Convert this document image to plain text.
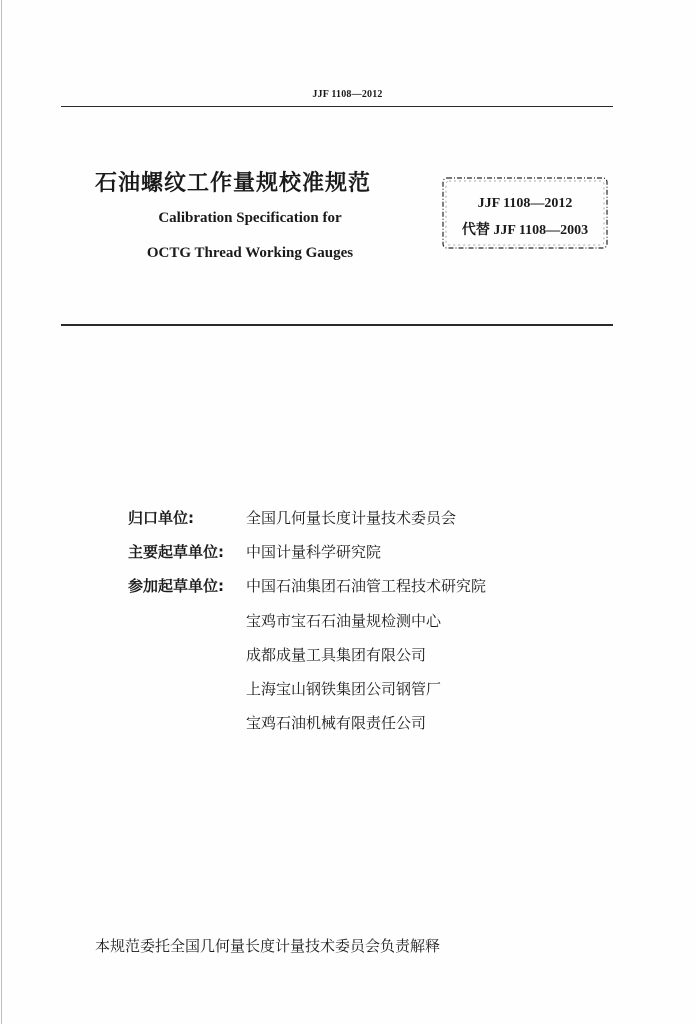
JJF 1108—2012
石油螺纹工作量规校准规范
Calibration Specification for
OCTG Thread Working Gauges
JJF 1108—2012
代替 JJF 1108—2003
归口单位:	全国几何量长度计量技术委员会
主要起草单位: 中国计量科学研究院
参加起草单位: 中国石油集团石油管工程技术研究院
宝鸡市宝石石油量规检测中心
成都成量工具集团有限公司
上海宝山钢铁集团公司钢管厂
宝鸡石油机械有限责任公司
本规范委托全国几何量长度计量技术委员会负责解释
